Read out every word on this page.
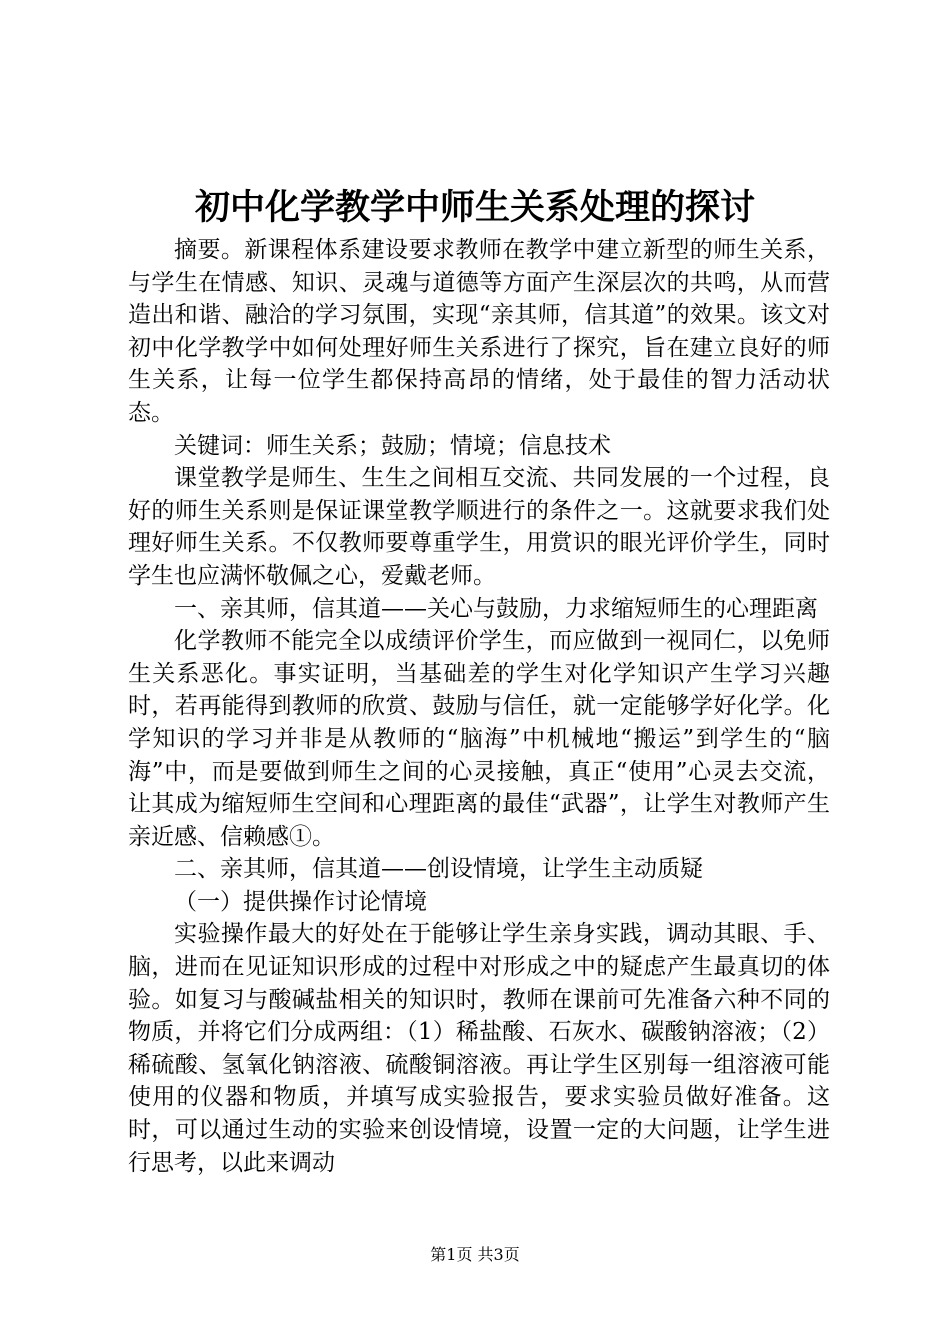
初中化学教学中师生关系处理的探讨

摘要。新课程体系建设要求教师在教学中建立新型的师生关系，与学生在情感、知识、灵魂与道德等方面产生深层次的共鸣，从而营造出和谐、融洽的学习氛围，实现“亲其师，信其道”的效果。该文对初中化学教学中如何处理好师生关系进行了探究，旨在建立良好的师生关系，让每一位学生都保持高昂的情绪，处于最佳的智力活动状态。

关键词：师生关系；鼓励；情境；信息技术

课堂教学是师生、生生之间相互交流、共同发展的一个过程，良好的师生关系则是保证课堂教学顺进行的条件之一。这就要求我们处理好师生关系。不仅教师要尊重学生，用赏识的眼光评价学生，同时学生也应满怀敬佩之心，爱戴老师。

一、亲其师，信其道——关心与鼓励，力求缩短师生的心理距离

化学教师不能完全以成绩评价学生，而应做到一视同仁，以免师生关系恶化。事实证明，当基础差的学生对化学知识产生学习兴趣时，若再能得到教师的欣赏、鼓励与信任，就一定能够学好化学。化学知识的学习并非是从教师的“脑海”中机械地“搬运”到学生的“脑海”中，而是要做到师生之间的心灵接触，真正“使用”心灵去交流，让其成为缩短师生空间和心理距离的最佳“武器”，让学生对教师产生亲近感、信赖感①。

二、亲其师，信其道——创设情境，让学生主动质疑

（一）提供操作讨论情境

实验操作最大的好处在于能够让学生亲身实践，调动其眼、手、脑，进而在见证知识形成的过程中对形成之中的疑虑产生最真切的体验。如复习与酸碱盐相关的知识时，教师在课前可先准备六种不同的物质，并将它们分成两组：（1）稀盐酸、石灰水、碳酸钠溶液；（2）稀硫酸、氢氧化钠溶液、硫酸铜溶液。再让学生区别每一组溶液可能使用的仪器和物质，并填写成实验报告，要求实验员做好准备。这时，可以通过生动的实验来创设情境，设置一定的大问题，让学生进行思考，以此来调动

第1页 共3页
